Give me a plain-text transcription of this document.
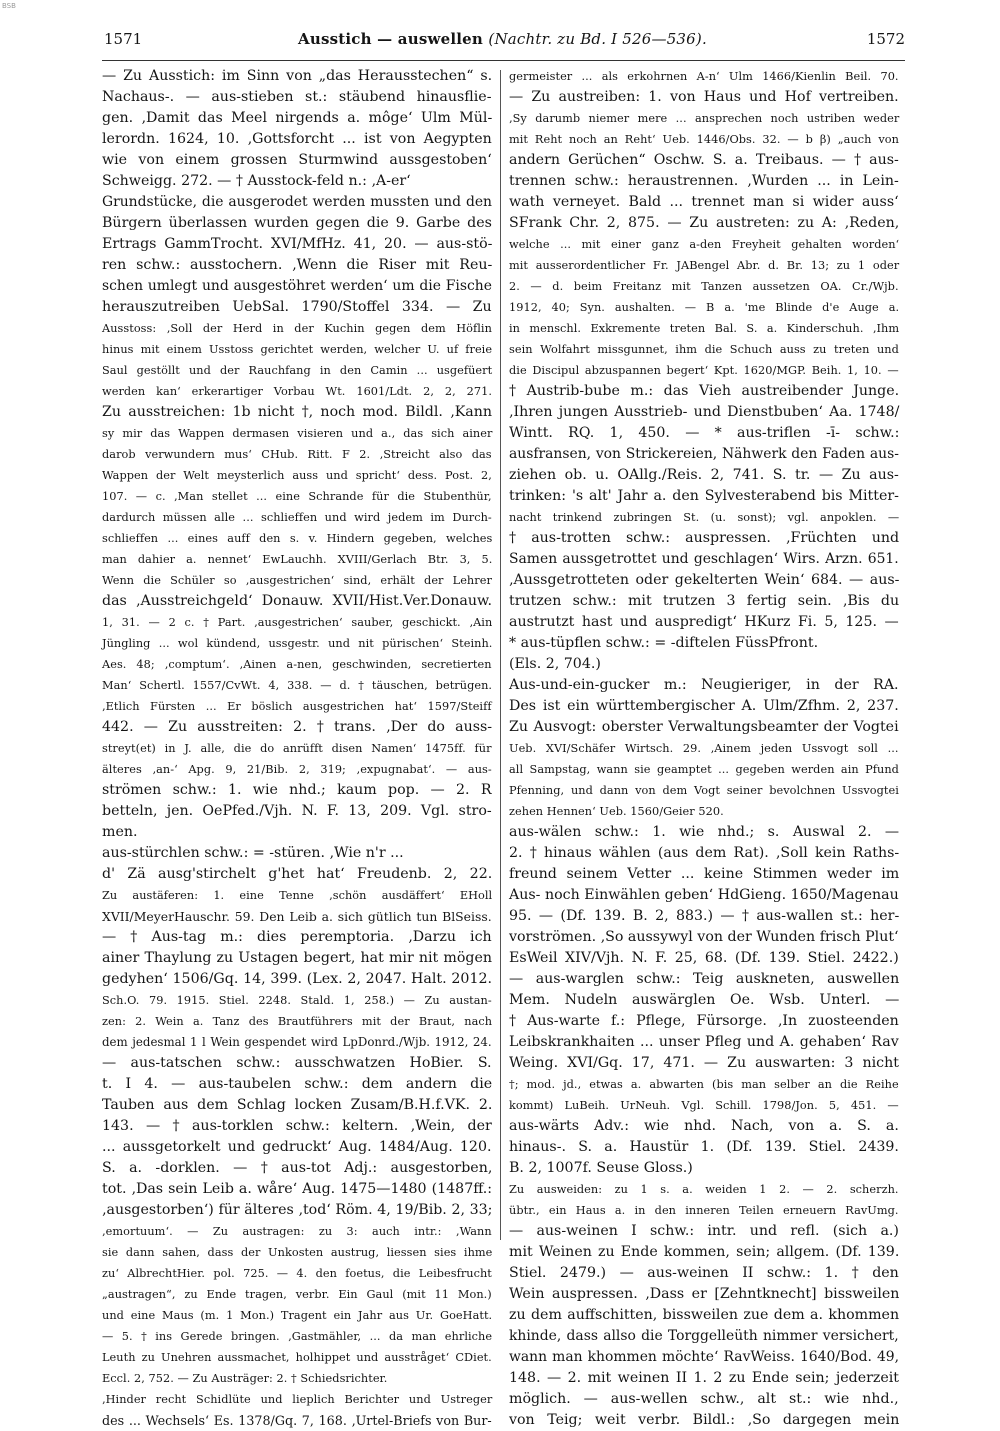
BSB
1571	Ausstich — auswellen (Nachtr. zu Bd. I 526—536).	1572
— Zu Ausstich: im Sinn von „das Herausstechen“ s.
Nachaus-. — aus-stieben st.: stäubend hinausflie-
gen. ‚Damit das Meel nirgends a. môge‘ Ulm Mül-
lerordn. 1624, 10. ‚Gottsforcht ... ist von Aegypten
wie von einem grossen Sturmwind aussgestoben‘
Schweigg. 272. — † Ausstock-feld n.: ‚A-er‘
Grundstücke, die ausgerodet werden mussten und den
Bürgern überlassen wurden gegen die 9. Garbe des
Ertrags GammTrocht. XVI/MfHz. 41, 20. — aus-stö-
ren schw.: ausstochern. ‚Wenn die Riser mit Reu-
schen umlegt und ausgestöhret werden‘ um die Fische
herauszutreiben UebSal. 1790/Stoffel 334. — Zu
Ausstoss: ‚Soll der Herd in der Kuchin gegen dem Höflin
hinus mit einem Usstoss gerichtet werden, welcher U. uf freie
Saul gestöllt und der Rauchfang in den Camin ... usgefüert
werden kan‘ erkerartiger Vorbau Wt. 1601/Ldt. 2, 2, 271.
Zu ausstreichen: 1b nicht †, noch mod. Bildl. ‚Kann
sy mir das Wappen dermasen visieren und a., das sich ainer
darob verwundern mus‘ CHub. Ritt. F 2. ‚Streicht also das
Wappen der Welt meysterlich auss und spricht‘ dess. Post. 2,
107. — c. ‚Man stellet ... eine Schrande für die Stubenthür,
dardurch müssen alle ... schlieffen und wird jedem im Durch-
schlieffen ... eines auff den s. v. Hindern gegeben, welches
man dahier a. nennet‘ EwLauchh. XVIII/Gerlach Btr. 3, 5.
Wenn die Schüler so ‚ausgestrichen‘ sind, erhält der Lehrer
das ‚Ausstreichgeld‘ Donauw. XVII/Hist.Ver.Donauw.
1, 31. — 2 c. † Part. ‚ausgestrichen‘ sauber, geschickt. ‚Ain
Jüngling ... wol kündend, ussgestr. und nit pürischen‘ Steinh.
Aes. 48; ‚comptum‘. ‚Ainen a-nen, geschwinden, secretierten
Man‘ Schertl. 1557/CvWt. 4, 338. — d. † täuschen, betrügen.
‚Etlich Fürsten ... Er böslich ausgestrichen hat‘ 1597/Steiff
442. — Zu ausstreiten: 2. † trans. ‚Der do auss-
streyt(et) in J. alle, die do anrüfft disen Namen‘ 1475ff. für
älteres ‚an-‘ Apg. 9, 21/Bib. 2, 319; ‚expugnabat‘. — aus-
strömen schw.: 1. wie nhd.; kaum pop. — 2. R
betteln, jen. OePfed./Vjh. N. F. 13, 209. Vgl. stro-
men.
aus-stürchlen schw.: = -stüren. ‚Wie n'r ...
d' Zä ausg'stirchelt g'het hat‘ Freudenb. 2, 22.
Zu austäferen: 1. eine Tenne ‚schön ausdäffert‘ EHoll
XVII/MeyerHauschr. 59. Den Leib a. sich gütlich tun BlSeiss.
— † Aus-tag m.: dies peremptoria. ‚Darzu ich
ainer Thaylung zu Ustagen begert, hat mir nit mögen
gedyhen‘ 1506/Gq. 14, 399. (Lex. 2, 2047. Halt. 2012.
Sch.O. 79. 1915. Stiel. 2248. Stald. 1, 258.) — Zu austan-
zen: 2. Wein a. Tanz des Brautführers mit der Braut, nach
dem jedesmal 1 l Wein gespendet wird LpDonrd./Wjb. 1912, 24.
— aus-tatschen schw.: ausschwatzen HoBier. S.
t. I 4. — aus-taubelen schw.: dem andern die
Tauben aus dem Schlag locken Zusam/B.H.f.VK. 2.
143. — † aus-torklen schw.: keltern. ‚Wein, der
... aussgetorkelt und gedruckt‘ Aug. 1484/Aug. 120.
S. a. -dorklen. — † aus-tot Adj.: ausgestorben,
tot. ‚Das sein Leib a. wåre‘ Aug. 1475—1480 (1487ff.:
‚ausgestorben‘) für älteres ‚tod‘ Röm. 4, 19/Bib. 2, 33;
‚emortuum‘. — Zu austragen: zu 3: auch intr.: ‚Wann
sie dann sahen, dass der Unkosten austrug, liessen sies ihme
zu‘ AlbrechtHier. pol. 725. — 4. den foetus, die Leibesfrucht
„austragen“, zu Ende tragen, verbr. Ein Gaul (mit 11 Mon.)
und eine Maus (m. 1 Mon.) Tragent ein Jahr aus Ur. GoeHatt.
— 5. † ins Gerede bringen. ‚Gastmähler, ... da man ehrliche
Leuth zu Unehren aussmachet, holhippet und ausstråget‘ CDiet.
Eccl. 2, 752. — Zu Austräger: 2. † Schiedsrichter.
‚Hinder recht Schidlüte und lieplich Berichter und Ustreger
des ... Wechsels‘ Es. 1378/Gq. 7, 168. ‚Urtel-Briefs von Bur-
germeister ... als erkohrnen A-n‘ Ulm 1466/Kienlin Beil. 70.
— Zu austreiben: 1. von Haus und Hof vertreiben.
‚Sy darumb niemer mere ... ansprechen noch ustriben weder
mit Reht noch an Reht‘ Ueb. 1446/Obs. 32. — b β) „auch von
andern Gerüchen“ Oschw. S. a. Treibaus. — † aus-
trennen schw.: heraustrennen. ‚Wurden ... in Lein-
wath verneyet. Bald ... trennet man si wider auss‘
SFrank Chr. 2, 875. — Zu austreten: zu A: ‚Reden,
welche ... mit einer ganz a-den Freyheit gehalten worden‘
mit ausserordentlicher Fr. JABengel Abr. d. Br. 13; zu 1 oder
2. — d. beim Freitanz mit Tanzen aussetzen OA. Cr./Wjb.
1912, 40; Syn. aushalten. — B a. 'me Blinde d'e Auge a.
in menschl. Exkremente treten Bal. S. a. Kinderschuh. ‚Ihm
sein Wolfahrt missgunnet, ihm die Schuch auss zu treten und
die Discipul abzuspannen begert‘ Kpt. 1620/MGP. Beih. 1, 10. —
† Austrib-bube m.: das Vieh austreibender Junge.
‚Ihren jungen Ausstrieb- und Dienstbuben‘ Aa. 1748/
Wintt. RQ. 1, 450. — * aus-triflen -ī- schw.:
ausfransen, von Strickereien, Nähwerk den Faden aus-
ziehen ob. u. OAllg./Reis. 2, 741. S. tr. — Zu aus-
trinken: 's alt' Jahr a. den Sylvesterabend bis Mitter-
nacht trinkend zubringen St. (u. sonst); vgl. anpoklen. —
† aus-trotten schw.: auspressen. ‚Früchten und
Samen aussgetrottet und geschlagen‘ Wirs. Arzn. 651.
‚Aussgetrotteten oder gekelterten Wein‘ 684. — aus-
trutzen schw.: mit trutzen 3 fertig sein. ‚Bis du
austrutzt hast und auspredigt‘ HKurz Fi. 5, 125. —
* aus-tüpflen schw.: = -diftelen FüssPfront.
(Els. 2, 704.)
Aus-und-ein-gucker m.: Neugieriger, in der RA.
Des ist ein württembergischer A. Ulm/Zfhm. 2, 237.
Zu Ausvogt: oberster Verwaltungsbeamter der Vogtei
Ueb. XVI/Schäfer Wirtsch. 29. ‚Ainem jeden Ussvogt soll ...
all Sampstag, wann sie geamptet ... gegeben werden ain Pfund
Pfenning, und dann von dem Vogt seiner bevolchnen Ussvogtei
zehen Hennen‘ Ueb. 1560/Geier 520.
aus-wälen schw.: 1. wie nhd.; s. Auswal 2. —
2. † hinaus wählen (aus dem Rat). ‚Soll kein Raths-
freund seinem Vetter ... keine Stimmen weder im
Aus- noch Einwählen geben‘ HdGieng. 1650/Magenau
95. — (Df. 139. B. 2, 883.) — † aus-wallen st.: her-
vorströmen. ‚So aussywyl von der Wunden frisch Plut‘
EsWeil XIV/Vjh. N. F. 25, 68. (Df. 139. Stiel. 2422.)
— aus-warglen schw.: Teig auskneten, auswellen
Mem. Nudeln auswärglen Oe. Wsb. Unterl. —
† Aus-warte f.: Pflege, Fürsorge. ‚In zuosteenden
Leibskrankhaiten ... unser Pfleg und A. gehaben‘ Rav
Weing. XVI/Gq. 17, 471. — Zu auswarten: 3 nicht
†; mod. jd., etwas a. abwarten (bis man selber an die Reihe
kommt) LuBeih. UrNeuh. Vgl. Schill. 1798/Jon. 5, 451. —
aus-wärts Adv.: wie nhd. Nach, von a. S. a.
hinaus-. S. a. Haustür 1. (Df. 139. Stiel. 2439.
B. 2, 1007f. Seuse Gloss.)
Zu ausweiden: zu 1 s. a. weiden 1 2. — 2. scherzh.
übtr., ein Haus a. in den inneren Teilen erneuern RavUmg.
— aus-weinen I schw.: intr. und refl. (sich a.)
mit Weinen zu Ende kommen, sein; allgem. (Df. 139.
Stiel. 2479.) — aus-weinen II schw.: 1. † den
Wein auspressen. ‚Dass er [Zehntknecht] bissweilen
zu dem auffschitten, bissweilen zue dem a. khommen
khinde, dass allso die Torggelleüth nimmer versichert,
wann man khommen möchte‘ RavWeiss. 1640/Bod. 49,
148. — 2. mit weinen II 1. 2 zu Ende sein; jederzeit
möglich. — aus-wellen schw., alt st.: wie nhd.,
von Teig; weit verbr. Bildl.: ‚So dargegen mein
